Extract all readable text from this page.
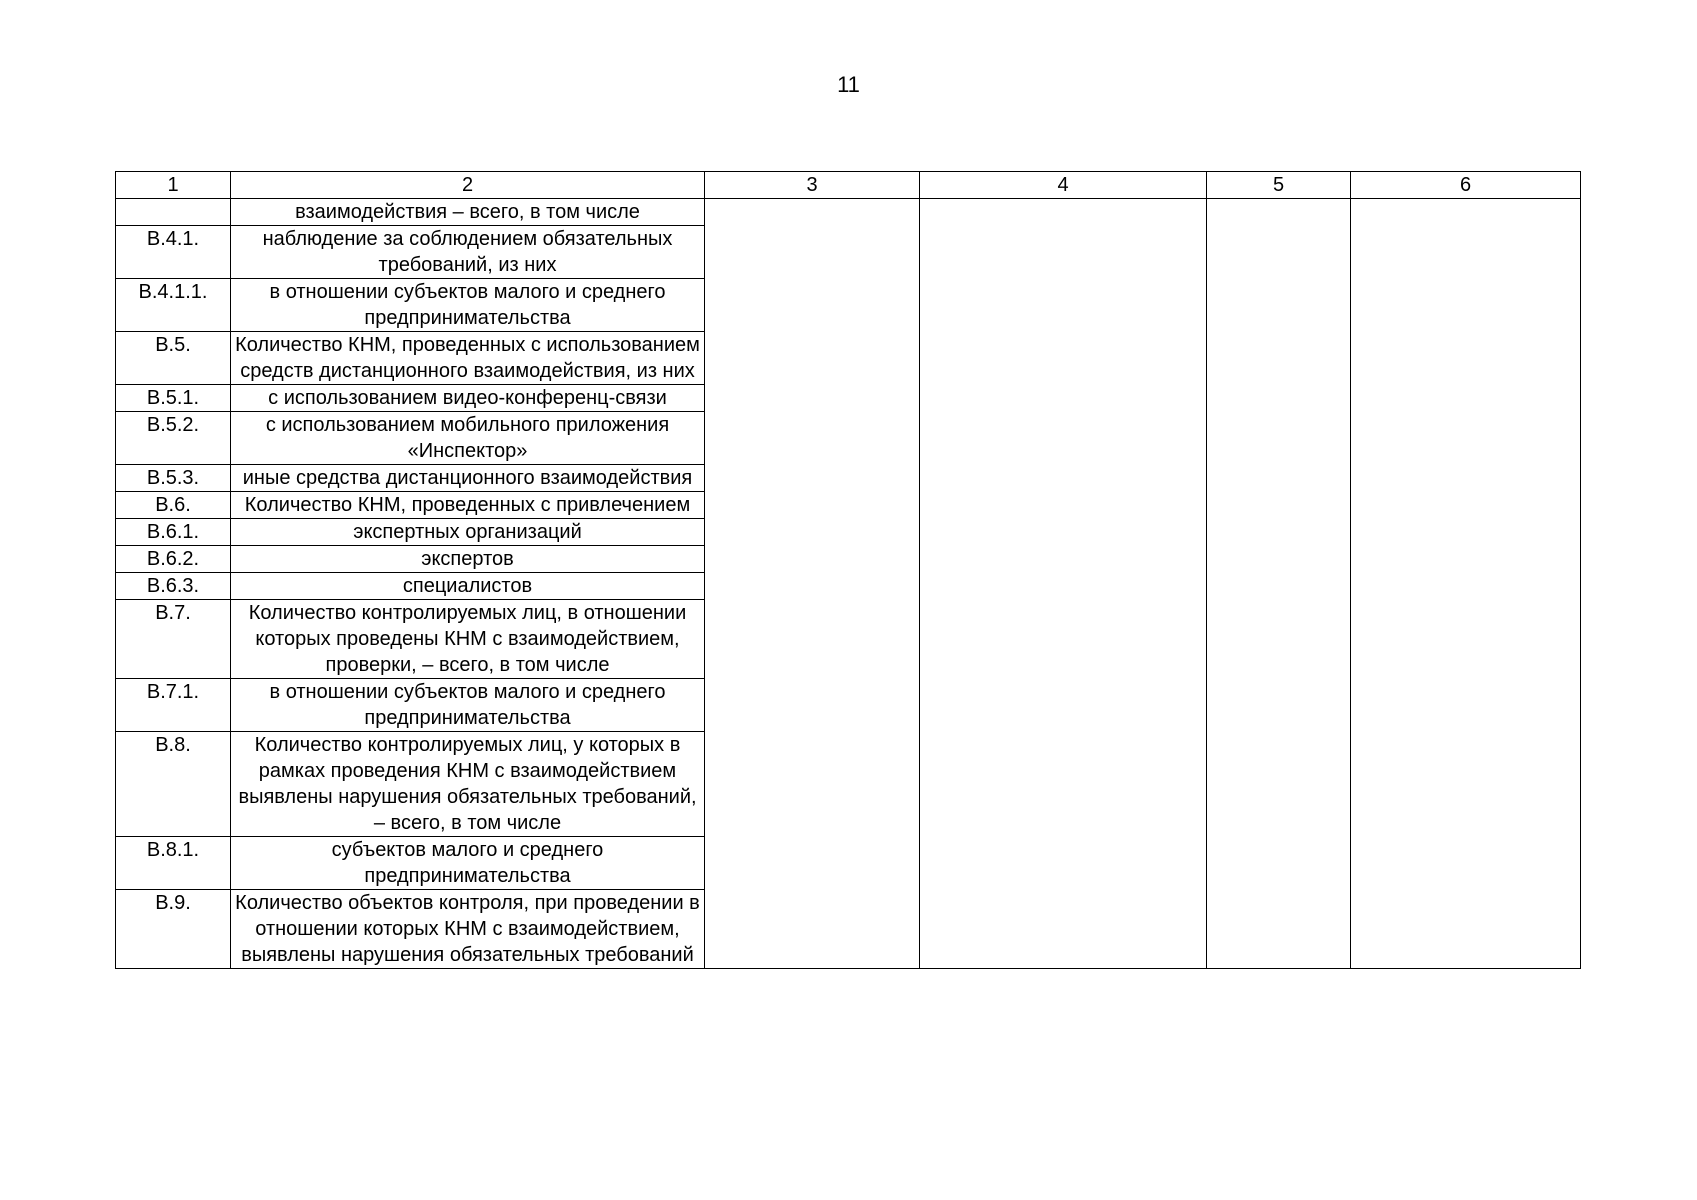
11
1	2	3	4	5	6
	взаимодействия – всего, в том числе				
В.4.1.	наблюдение за соблюдением обязательных требований, из них				
В.4.1.1.	в отношении субъектов малого и среднего предпринимательства				
В.5.	Количество КНМ, проведенных с использованием средств дистанционного взаимодействия, из них				
В.5.1.	с использованием видео-конференц-связи				
В.5.2.	с использованием мобильного приложения «Инспектор»				
В.5.3.	иные средства дистанционного взаимодействия				
В.6.	Количество КНМ, проведенных с привлечением				
В.6.1.	экспертных организаций				
В.6.2.	экспертов				
В.6.3.	специалистов				
В.7.	Количество контролируемых лиц, в отношении которых проведены КНМ с взаимодействием, проверки, – всего, в том числе				
В.7.1.	в отношении субъектов малого и среднего предпринимательства				
В.8.	Количество контролируемых лиц, у которых в рамках проведения КНМ с взаимодействием выявлены нарушения обязательных требований, – всего, в том числе				
В.8.1.	субъектов малого и среднего предпринимательства				
В.9.	Количество объектов контроля, при проведении в отношении которых КНМ с взаимодействием, выявлены нарушения обязательных требований				
